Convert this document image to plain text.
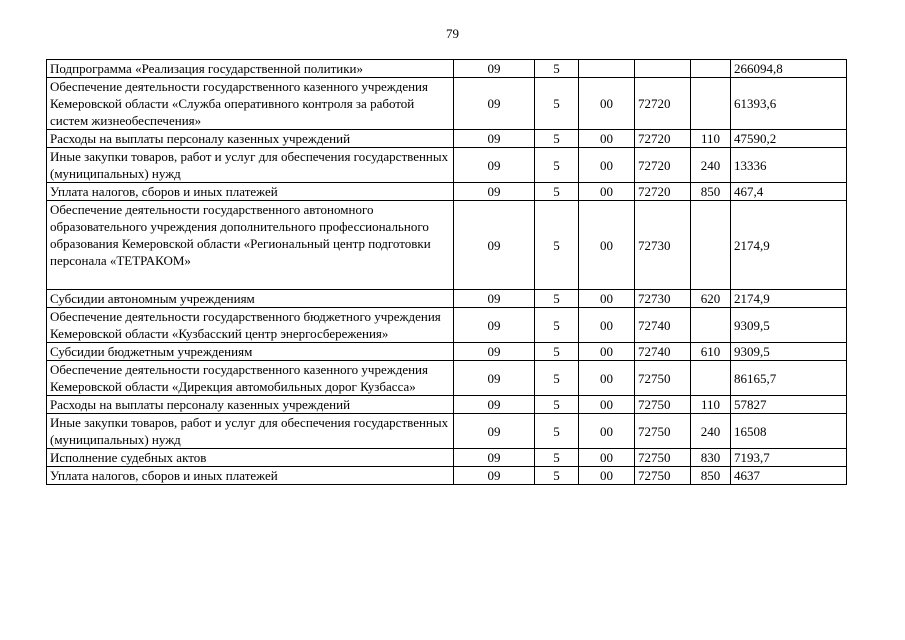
79
Подпрограмма «Реализация государственной политики»	09	5				266094,8
Обеспечение деятельности государственного казенного учреждения Кемеровской области «Служба оперативного контроля за работой систем жизнеобеспечения»	09	5	00	72720		61393,6
Расходы на выплаты персоналу казенных учреждений	09	5	00	72720	110	47590,2
Иные закупки товаров, работ и услуг для обеспечения государственных (муниципальных) нужд	09	5	00	72720	240	13336
Уплата налогов, сборов и иных платежей	09	5	00	72720	850	467,4
Обеспечение деятельности государственного автономного образовательного учреждения дополнительного профессионального образования Кемеровской области «Региональный центр подготовки персонала «ТЕТРАКОМ»	09	5	00	72730		2174,9
Субсидии автономным учреждениям	09	5	00	72730	620	2174,9
Обеспечение деятельности государственного бюджетного учреждения Кемеровской области «Кузбасский центр энергосбережения»	09	5	00	72740		9309,5
Субсидии бюджетным учреждениям	09	5	00	72740	610	9309,5
Обеспечение деятельности государственного казенного учреждения Кемеровской области «Дирекция автомобильных дорог Кузбасса»	09	5	00	72750		86165,7
Расходы на выплаты персоналу казенных учреждений	09	5	00	72750	110	57827
Иные закупки товаров, работ и услуг для обеспечения государственных (муниципальных) нужд	09	5	00	72750	240	16508
Исполнение судебных актов	09	5	00	72750	830	7193,7
Уплата налогов, сборов и иных платежей	09	5	00	72750	850	4637
